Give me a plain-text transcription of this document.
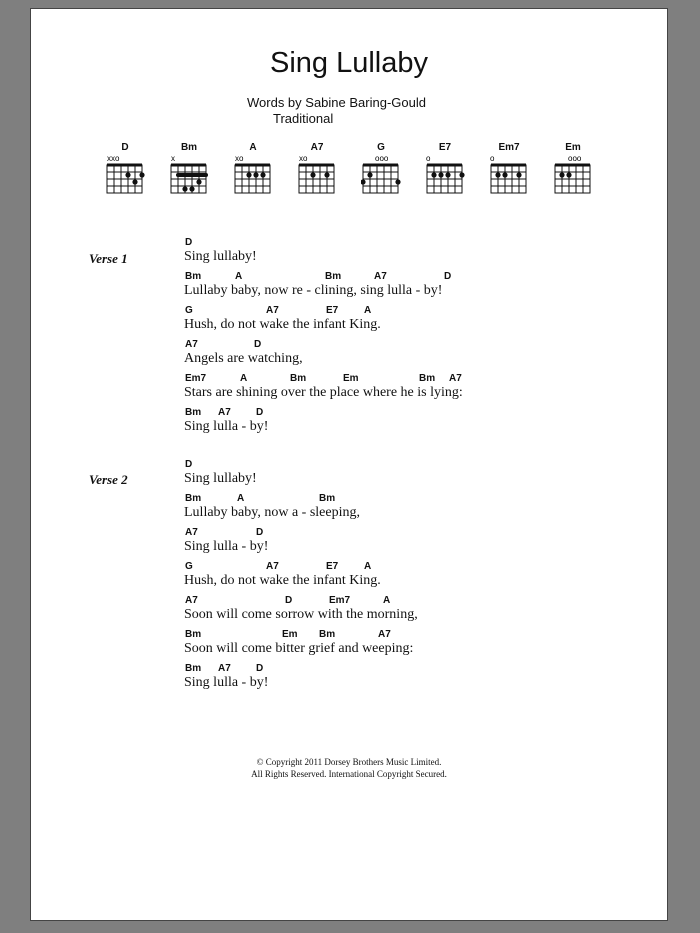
Sing Lullaby
Words by Sabine Baring-Gould
Traditional
D
xxo
Bm
x
A
xo
A7
xo
G
ooo
E7
o
Em7
o
Em
ooo
Verse 1
D
Sing lullaby!
Bm	A	Bm	A7	D
Lullaby baby, now re - clining, sing lulla - by!
G	A7	E7	A
Hush, do not wake the infant King.
A7	D
Angels are watching,
Em7	A	Bm	Em	Bm A7
Stars are shining over the place where he is lying:
Bm A7	D
Sing lulla - by!
Verse 2
D
Sing lullaby!
Bm	A	Bm
Lullaby baby, now a - sleeping,
A7	D
Sing lulla - by!
G	A7	E7	A
Hush, do not wake the infant King.
A7	D	Em7	A
Soon will come sorrow with the morning,
Bm	Em Bm	A7
Soon will come bitter grief and weeping:
Bm A7	D
Sing lulla - by!
© Copyright 2011 Dorsey Brothers Music Limited.
All Rights Reserved. International Copyright Secured.
